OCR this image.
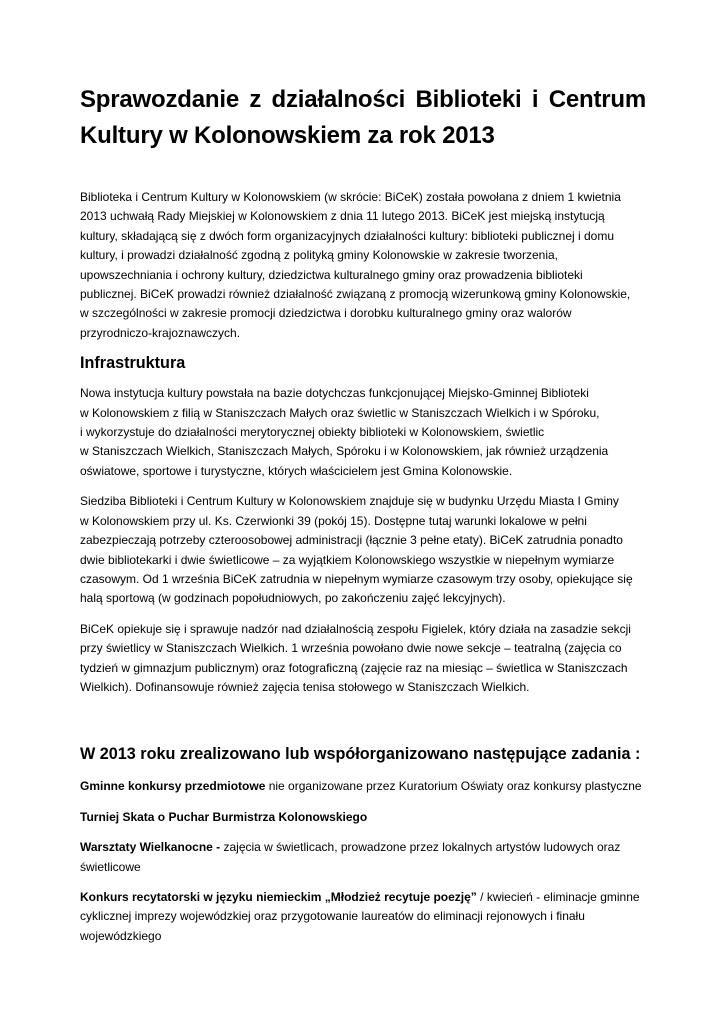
Sprawozdanie z działalności Biblioteki i Centrum
Kultury w Kolonowskiem za rok 2013
Biblioteka i Centrum Kultury w Kolonowskiem (w skrócie: BiCeK) została powołana z dniem 1 kwietnia
2013 uchwałą Rady Miejskiej w Kolonowskiem z dnia 11 lutego 2013. BiCeK jest miejską instytucją
kultury, składającą się z dwóch form organizacyjnych działalności kultury: biblioteki publicznej i domu
kultury, i prowadzi działalność zgodną z polityką gminy Kolonowskie w zakresie tworzenia,
upowszechniania i ochrony kultury, dziedzictwa kulturalnego gminy oraz prowadzenia biblioteki
publicznej. BiCeK prowadzi również działalność związaną z promocją wizerunkową gminy Kolonowskie,
w szczególności w zakresie promocji dziedzictwa i dorobku kulturalnego gminy oraz walorów
przyrodniczo-krajoznawczych.
Infrastruktura
Nowa instytucja kultury powstała na bazie dotychczas funkcjonującej Miejsko-Gminnej Biblioteki
w Kolonowskiem z filią w Staniszczach Małych oraz świetlic w Staniszczach Wielkich i w Spóroku,
i wykorzystuje do działalności merytorycznej obiekty biblioteki w Kolonowskiem, świetlic
w Staniszczach Wielkich, Staniszczach Małych, Spóroku i w Kolonowskiem, jak również urządzenia
oświatowe, sportowe i turystyczne, których właścicielem jest Gmina Kolonowskie.
Siedziba Biblioteki i Centrum Kultury w Kolonowskiem znajduje się w budynku Urzędu Miasta I Gminy
w Kolonowskiem przy ul. Ks. Czerwionki 39 (pokój 15). Dostępne tutaj warunki lokalowe w pełni
zabezpieczają potrzeby czteroosobowej administracji (łącznie 3 pełne etaty). BiCeK zatrudnia ponadto
dwie bibliotekarki i dwie świetlicowe – za wyjątkiem Kolonowskiego wszystkie w niepełnym wymiarze
czasowym. Od 1 września BiCeK zatrudnia w niepełnym wymiarze czasowym trzy osoby, opiekujące się
halą sportową (w godzinach popołudniowych, po zakończeniu zajęć lekcyjnych).
BiCeK opiekuje się i sprawuje nadzór nad działalnością zespołu Figielek, który działa na zasadzie sekcji
przy świetlicy w Staniszczach Wielkich. 1 września powołano dwie nowe sekcje – teatralną (zajęcia co
tydzień w gimnazjum publicznym) oraz fotograficzną (zajęcie raz na miesiąc – świetlica w Staniszczach
Wielkich). Dofinansowuje również zajęcia tenisa stołowego w Staniszczach Wielkich.
W 2013 roku zrealizowano lub współorganizowano następujące zadania :
Gminne konkursy przedmiotowe nie organizowane przez Kuratorium Oświaty oraz konkursy plastyczne
Turniej Skata o Puchar Burmistrza Kolonowskiego
Warsztaty Wielkanocne - zajęcia w świetlicach, prowadzone przez lokalnych artystów ludowych oraz
świetlicowe
Konkurs recytatorski w języku niemieckim „Młodzież recytuje poezję” / kwiecień - eliminacje gminne
cyklicznej imprezy wojewódzkiej oraz przygotowanie laureatów do eliminacji rejonowych i finału
wojewódzkiego
